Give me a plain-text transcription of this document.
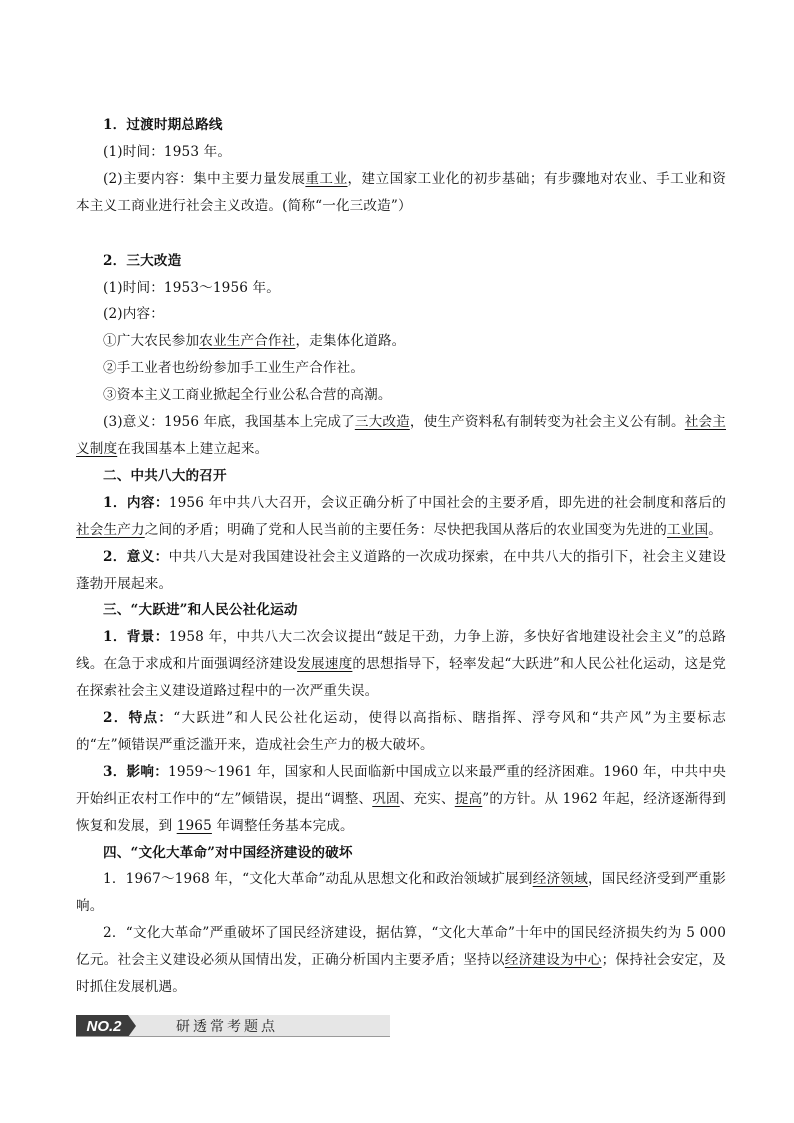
1．过渡时期总路线

(1)时间：1953 年。

(2)主要内容：集中主要力量发展重工业，建立国家工业化的初步基础；有步骤地对农业、手工业和资本主义工商业进行社会主义改造。(简称“一化三改造”）

2．三大改造

(1)时间：1953～1956 年。

(2)内容：

①广大农民参加农业生产合作社，走集体化道路。

②手工业者也纷纷参加手工业生产合作社。

③资本主义工商业掀起全行业公私合营的高潮。

(3)意义：1956 年底，我国基本上完成了三大改造，使生产资料私有制转变为社会主义公有制。社会主义制度在我国基本上建立起来。

二、中共八大的召开

1．内容：1956 年中共八大召开，会议正确分析了中国社会的主要矛盾，即先进的社会制度和落后的社会生产力之间的矛盾；明确了党和人民当前的主要任务：尽快把我国从落后的农业国变为先进的工业国。

2．意义：中共八大是对我国建设社会主义道路的一次成功探索，在中共八大的指引下，社会主义建设蓬勃开展起来。

三、“大跃进”和人民公社化运动

1．背景：1958 年，中共八大二次会议提出“鼓足干劲，力争上游，多快好省地建设社会主义”的总路线。在急于求成和片面强调经济建设发展速度的思想指导下，轻率发起“大跃进”和人民公社化运动，这是党在探索社会主义建设道路过程中的一次严重失误。

2．特点：“大跃进”和人民公社化运动，使得以高指标、瞎指挥、浮夸风和“共产风”为主要标志的“左”倾错误严重泛滥开来，造成社会生产力的极大破坏。

3．影响：1959～1961 年，国家和人民面临新中国成立以来最严重的经济困难。1960 年，中共中央开始纠正农村工作中的“左”倾错误，提出“调整、巩固、充实、提高”的方针。从 1962 年起，经济逐渐得到恢复和发展，到 1965 年调整任务基本完成。

四、“文化大革命”对中国经济建设的破坏

1．1967～1968 年，“文化大革命”动乱从思想文化和政治领域扩展到经济领域，国民经济受到严重影响。

2．“文化大革命”严重破坏了国民经济建设，据估算，“文化大革命”十年中的国民经济损失约为 5 000 亿元。社会主义建设必须从国情出发，正确分析国内主要矛盾；坚持以经济建设为中心；保持社会安定，及时抓住发展机遇。

NO.2	研透常考题点
